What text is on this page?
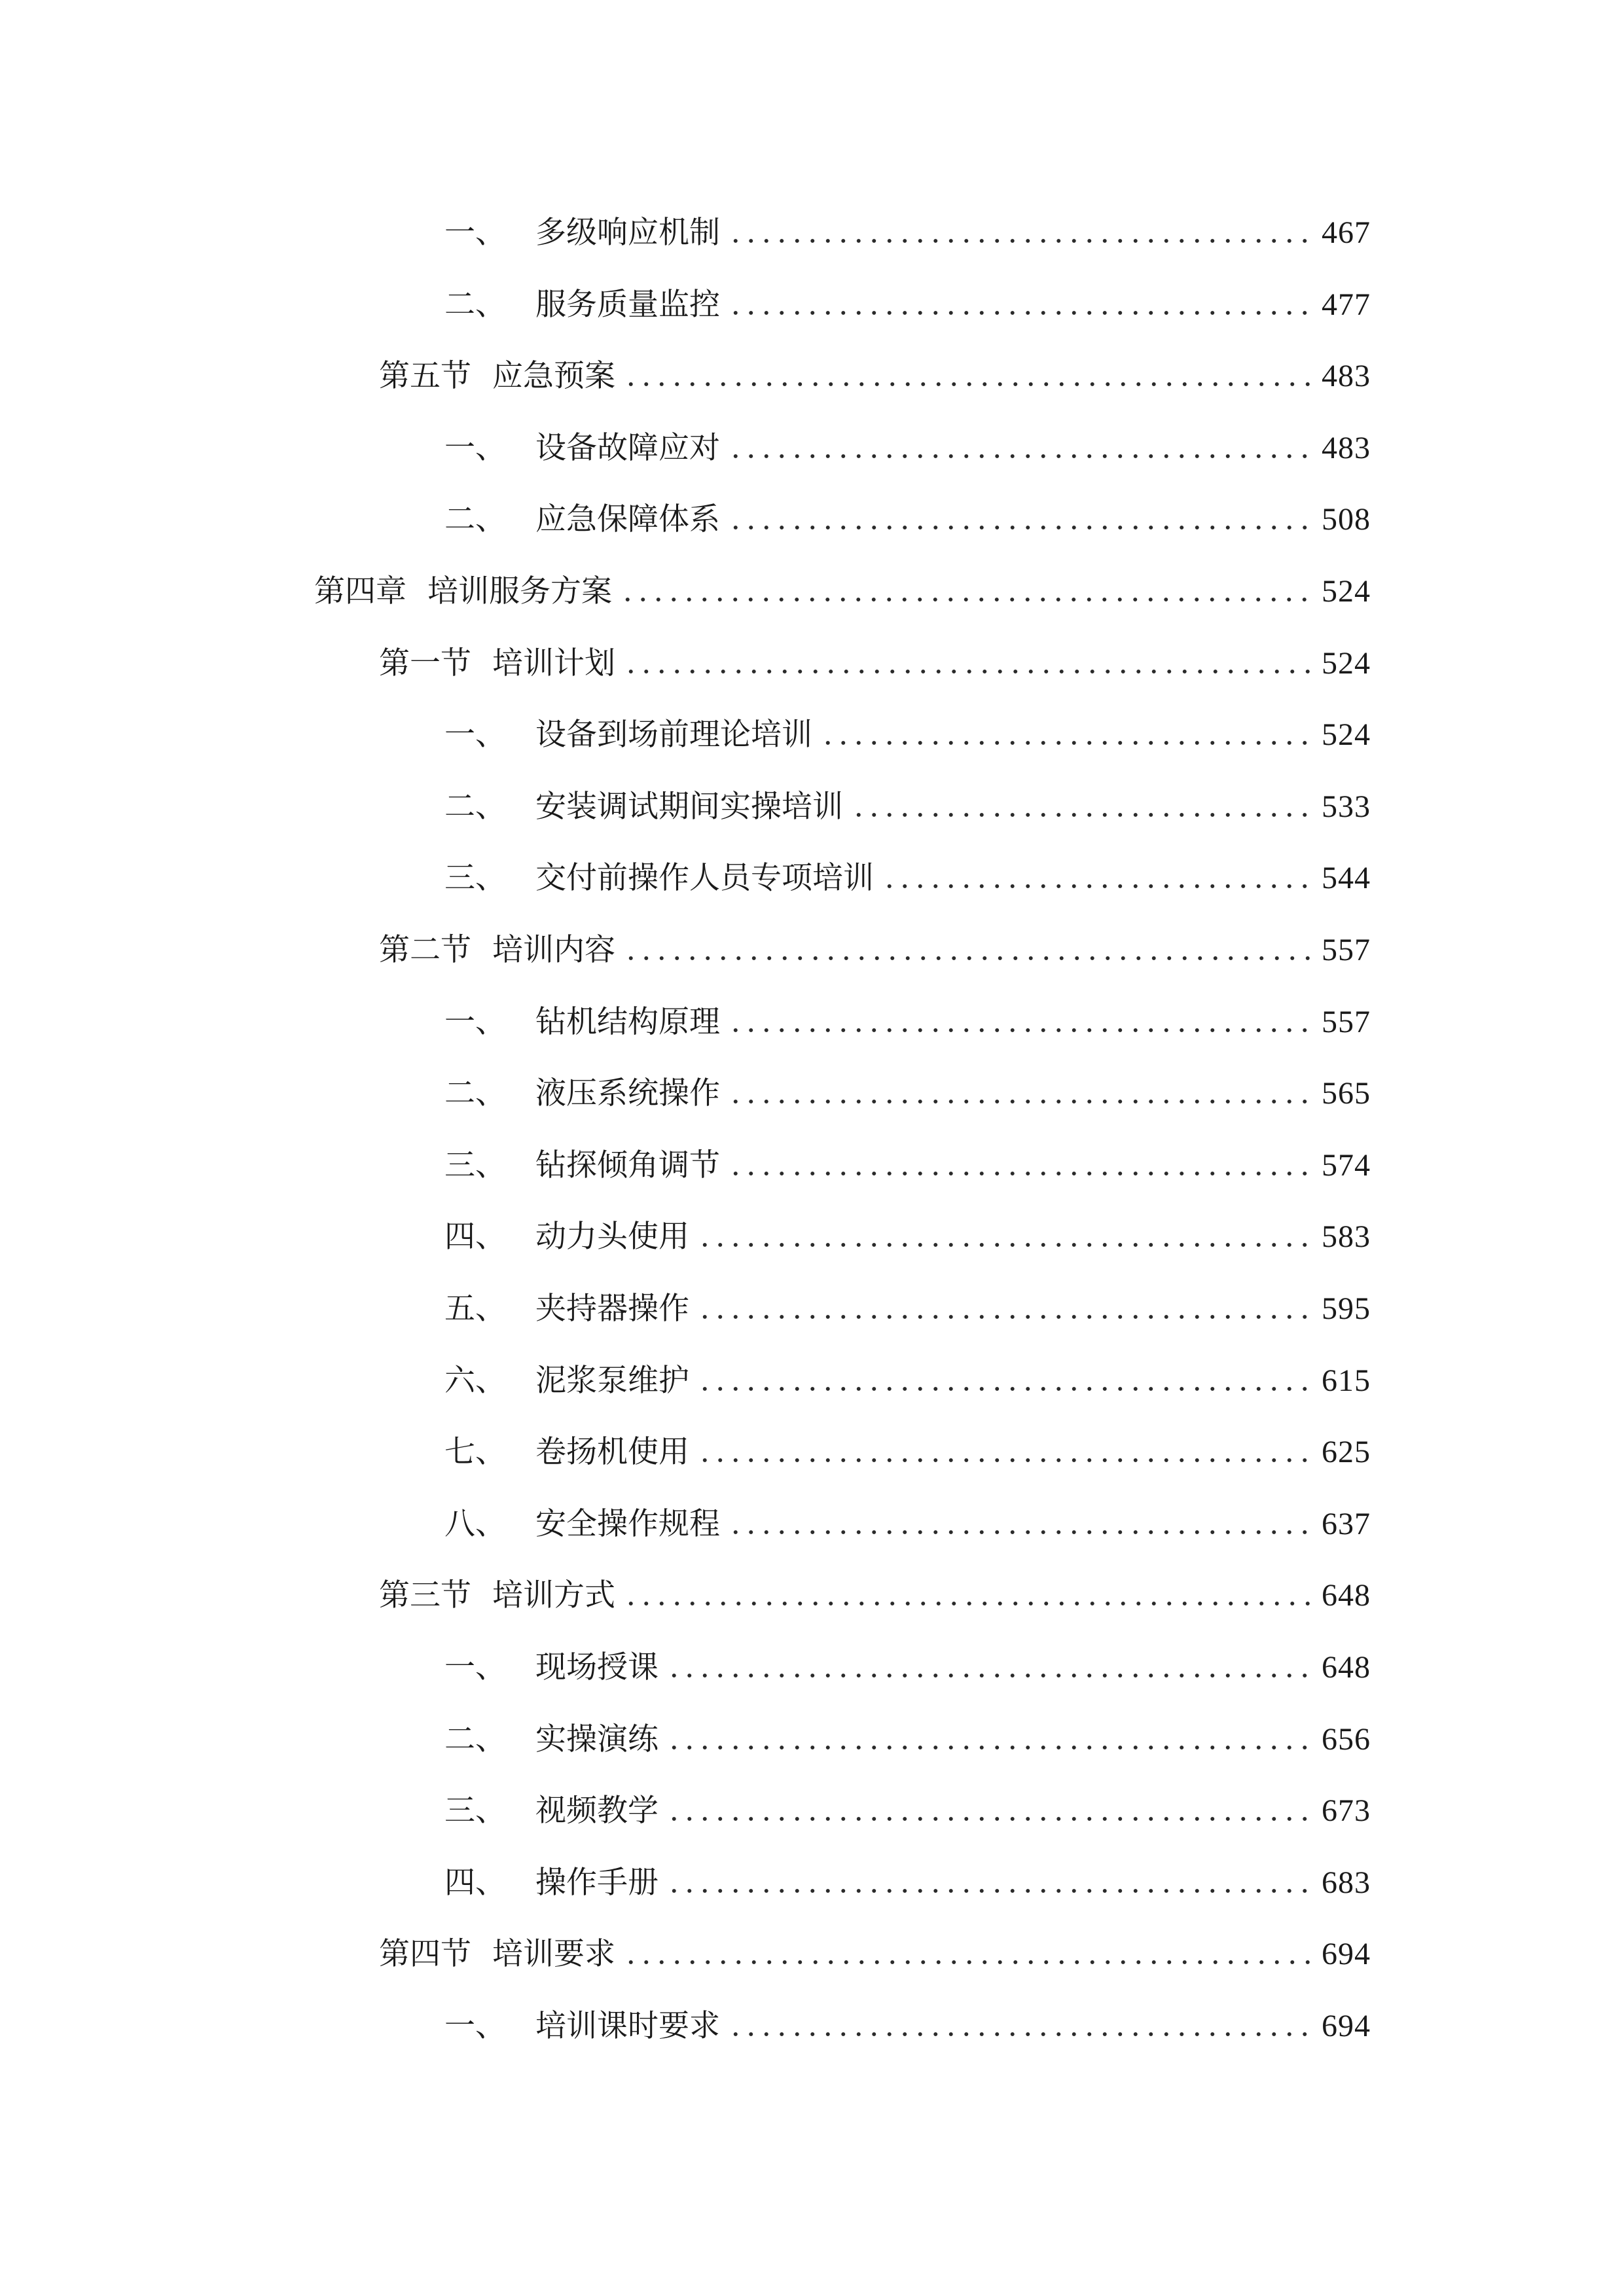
一、 多级响应机制	467
二、 服务质量监控	477
第五节 应急预案	483
一、 设备故障应对	483
二、 应急保障体系	508
第四章 培训服务方案	524
第一节 培训计划	524
一、 设备到场前理论培训	524
二、 安装调试期间实操培训	533
三、 交付前操作人员专项培训	544
第二节 培训内容	557
一、 钻机结构原理	557
二、 液压系统操作	565
三、 钻探倾角调节	574
四、 动力头使用	583
五、 夹持器操作	595
六、 泥浆泵维护	615
七、 卷扬机使用	625
八、 安全操作规程	637
第三节 培训方式	648
一、 现场授课	648
二、 实操演练	656
三、 视频教学	673
四、 操作手册	683
第四节 培训要求	694
一、 培训课时要求	694
